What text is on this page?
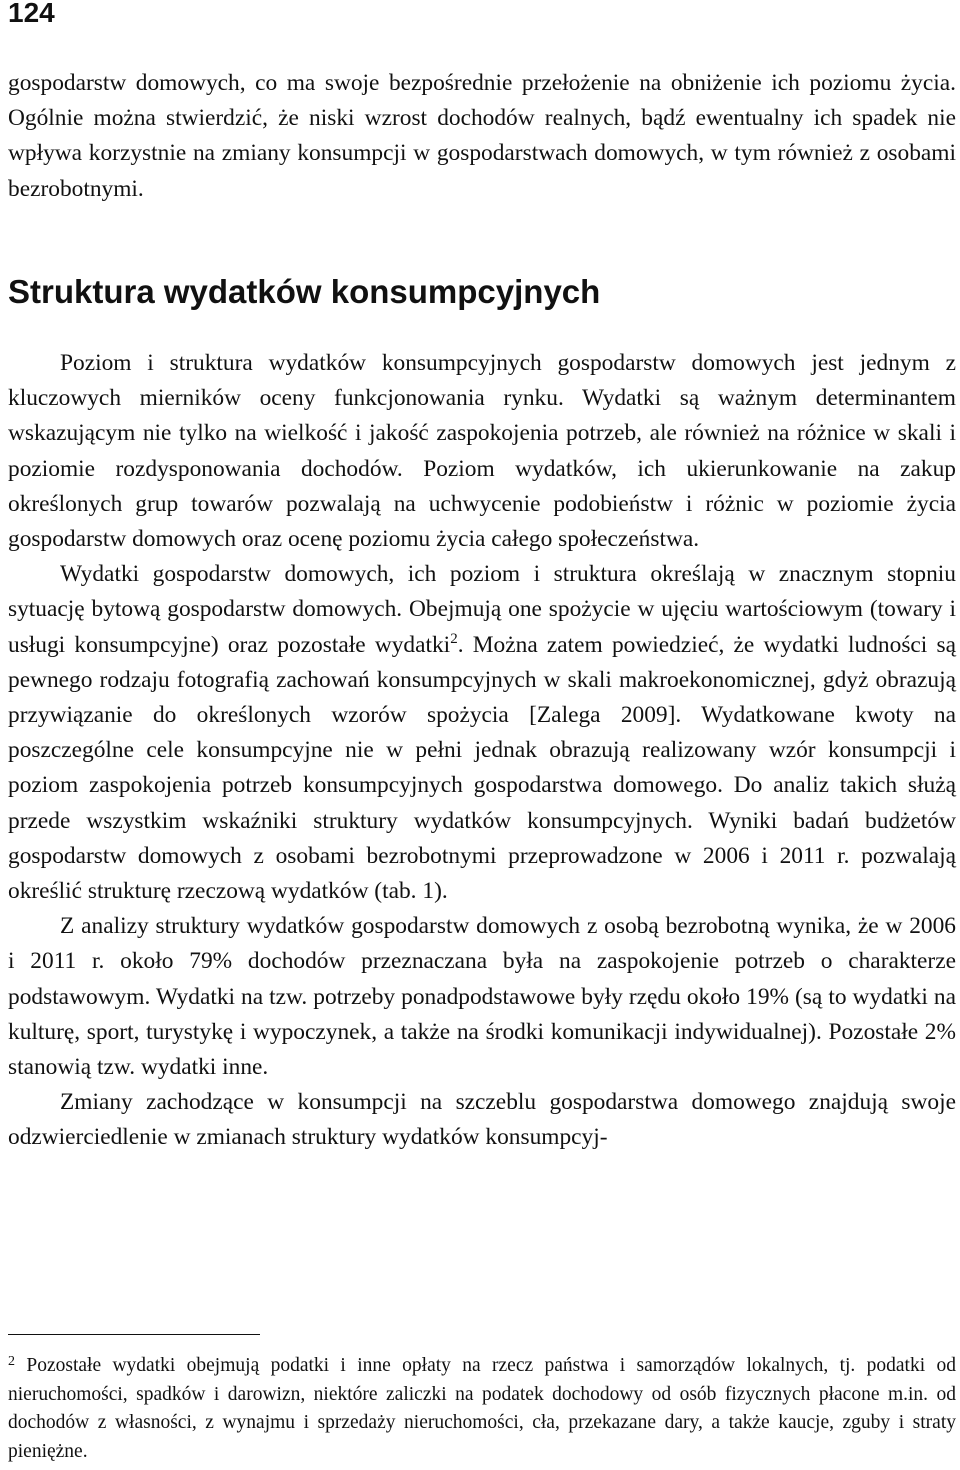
124
gospodarstw domowych, co ma swoje bezpośrednie przełożenie na obniżenie ich poziomu życia. Ogólnie można stwierdzić, że niski wzrost dochodów realnych, bądź ewentualny ich spadek nie wpływa korzystnie na zmiany konsumpcji w gospodarstwach domowych, w tym również z osobami bezrobotnymi.
Struktura wydatków konsumpcyjnych

Poziom i struktura wydatków konsumpcyjnych gospodarstw domowych jest jednym z kluczowych mierników oceny funkcjonowania rynku. Wydatki są ważnym determinantem wskazującym nie tylko na wielkość i jakość zaspokojenia potrzeb, ale również na różnice w skali i poziomie rozdysponowania dochodów. Poziom wydatków, ich ukierunkowanie na zakup określonych grup towarów pozwalają na uchwycenie podobieństw i różnic w poziomie życia gospodarstw domowych oraz ocenę poziomu życia całego społeczeństwa.

Wydatki gospodarstw domowych, ich poziom i struktura określają w znacznym stopniu sytuację bytową gospodarstw domowych. Obejmują one spożycie w ujęciu wartościowym (towary i usługi konsumpcyjne) oraz pozostałe wydatki$^2$. Można zatem powiedzieć, że wydatki ludności są pewnego rodzaju fotografią zachowań konsumpcyjnych w skali makroekonomicznej, gdyż obrazują przywiązanie do określonych wzorów spożycia [Zalega 2009]. Wydatkowane kwoty na poszczególne cele konsumpcyjne nie w pełni jednak obrazują realizowany wzór konsumpcji i poziom zaspokojenia potrzeb konsumpcyjnych gospodarstwa domowego. Do analiz takich służą przede wszystkim wskaźniki struktury wydatków konsumpcyjnych. Wyniki badań budżetów gospodarstw domowych z osobami bezrobotnymi przeprowadzone w 2006 i 2011 r. pozwalają określić strukturę rzeczową wydatków (tab. 1).

Z analizy struktury wydatków gospodarstw domowych z osobą bezrobotną wynika, że w 2006 i 2011 r. około 79% dochodów przeznaczana była na zaspokojenie potrzeb o charakterze podstawowym. Wydatki na tzw. potrzeby ponadpodstawowe były rzędu około 19% (są to wydatki na kulturę, sport, turystykę i wypoczynek, a także na środki komunikacji indywidualnej). Pozostałe 2% stanowią tzw. wydatki inne.

Zmiany zachodzące w konsumpcji na szczeblu gospodarstwa domowego znajdują swoje odzwierciedlenie w zmianach struktury wydatków konsumpcyj-

$^2$ Pozostałe wydatki obejmują podatki i inne opłaty na rzecz państwa i samorządów lokalnych, tj. podatki od nieruchomości, spadków i darowizn, niektóre zaliczki na podatek dochodowy od osób fizycznych płacone m.in. od dochodów z własności, z wynajmu i sprzedaży nieruchomości, cła, przekazane dary, a także kaucje, zguby i straty pieniężne.
